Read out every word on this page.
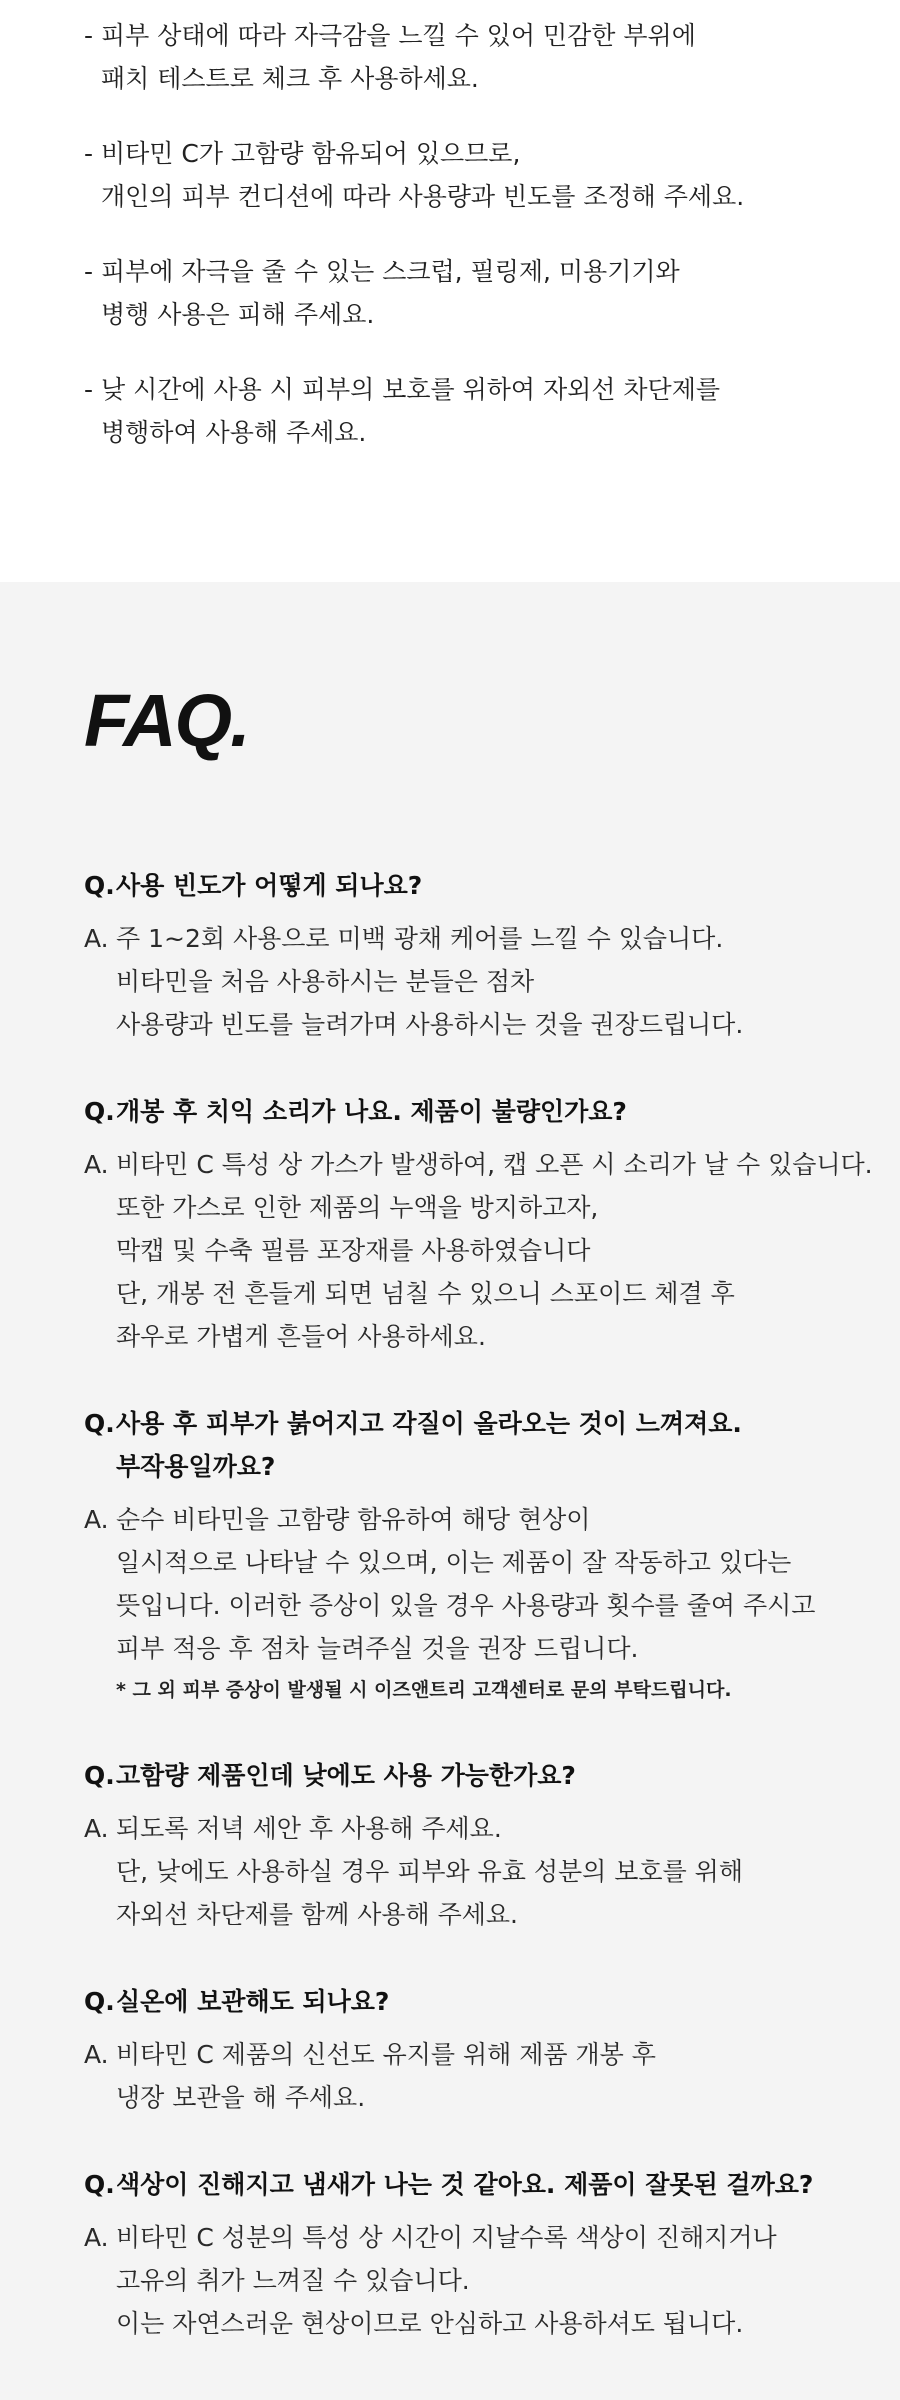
- 피부 상태에 따라 자극감을 느낄 수 있어 민감한 부위에
패치 테스트로 체크 후 사용하세요.
- 비타민 C가 고함량 함유되어 있으므로,
개인의 피부 컨디션에 따라 사용량과 빈도를 조정해 주세요.
- 피부에 자극을 줄 수 있는 스크럽, 필링제, 미용기기와
병행 사용은 피해 주세요.
- 낮 시간에 사용 시 피부의 보호를 위하여 자외선 차단제를
병행하여 사용해 주세요.
FAQ.
Q. 사용 빈도가 어떻게 되나요?
A. 주 1~2회 사용으로 미백 광채 케어를 느낄 수 있습니다.
비타민을 처음 사용하시는 분들은 점차
사용량과 빈도를 늘려가며 사용하시는 것을 권장드립니다.
Q. 개봉 후 치익 소리가 나요. 제품이 불량인가요?
A. 비타민 C 특성 상 가스가 발생하여, 캡 오픈 시 소리가 날 수 있습니다.
또한 가스로 인한 제품의 누액을 방지하고자,
막캡 및 수축 필름 포장재를 사용하였습니다
단, 개봉 전 흔들게 되면 넘칠 수 있으니 스포이드 체결 후
좌우로 가볍게 흔들어 사용하세요.
Q. 사용 후 피부가 붉어지고 각질이 올라오는 것이 느껴져요.
부작용일까요?
A. 순수 비타민을 고함량 함유하여 해당 현상이
일시적으로 나타날 수 있으며, 이는 제품이 잘 작동하고 있다는
뜻입니다. 이러한 증상이 있을 경우 사용량과 횟수를 줄여 주시고
피부 적응 후 점차 늘려주실 것을 권장 드립니다.
* 그 외 피부 증상이 발생될 시 이즈앤트리 고객센터로 문의 부탁드립니다.
Q. 고함량 제품인데 낮에도 사용 가능한가요?
A. 되도록 저녁 세안 후 사용해 주세요.
단, 낮에도 사용하실 경우 피부와 유효 성분의 보호를 위해
자외선 차단제를 함께 사용해 주세요.
Q. 실온에 보관해도 되나요?
A. 비타민 C 제품의 신선도 유지를 위해 제품 개봉 후
냉장 보관을 해 주세요.
Q. 색상이 진해지고 냄새가 나는 것 같아요. 제품이 잘못된 걸까요?
A. 비타민 C 성분의 특성 상 시간이 지날수록 색상이 진해지거나
고유의 취가 느껴질 수 있습니다.
이는 자연스러운 현상이므로 안심하고 사용하셔도 됩니다.
